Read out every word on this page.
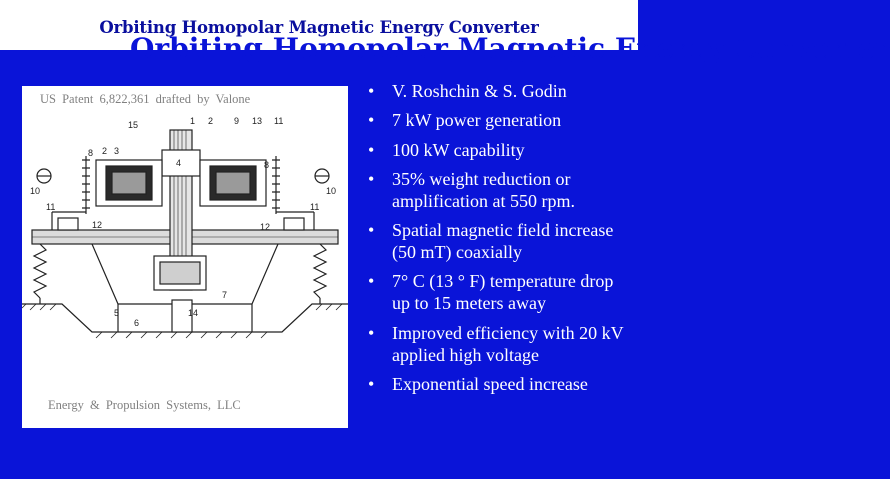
Orbiting Homopolar Magnetic Energy Converter
Orbiting Homopolar Magnetic Energy Converter
US Patent 6,822,361 drafted by Valone
Energy & Propulsion Systems, LLC
15	1 2 9 13 11
2 3
8
4	8
10	10
11	11
12	12
5
6
7
14
• V. Roshchin & S. Godin
• 7 kW power generation
• 100 kW capability
• 35% weight reduction or amplification at 550 rpm.
• Spatial magnetic field increase (50 mT) coaxially
• 7° C (13 ° F) temperature drop up to 15 meters away
• Improved efficiency with 20 kV applied high voltage
• Exponential speed increase
